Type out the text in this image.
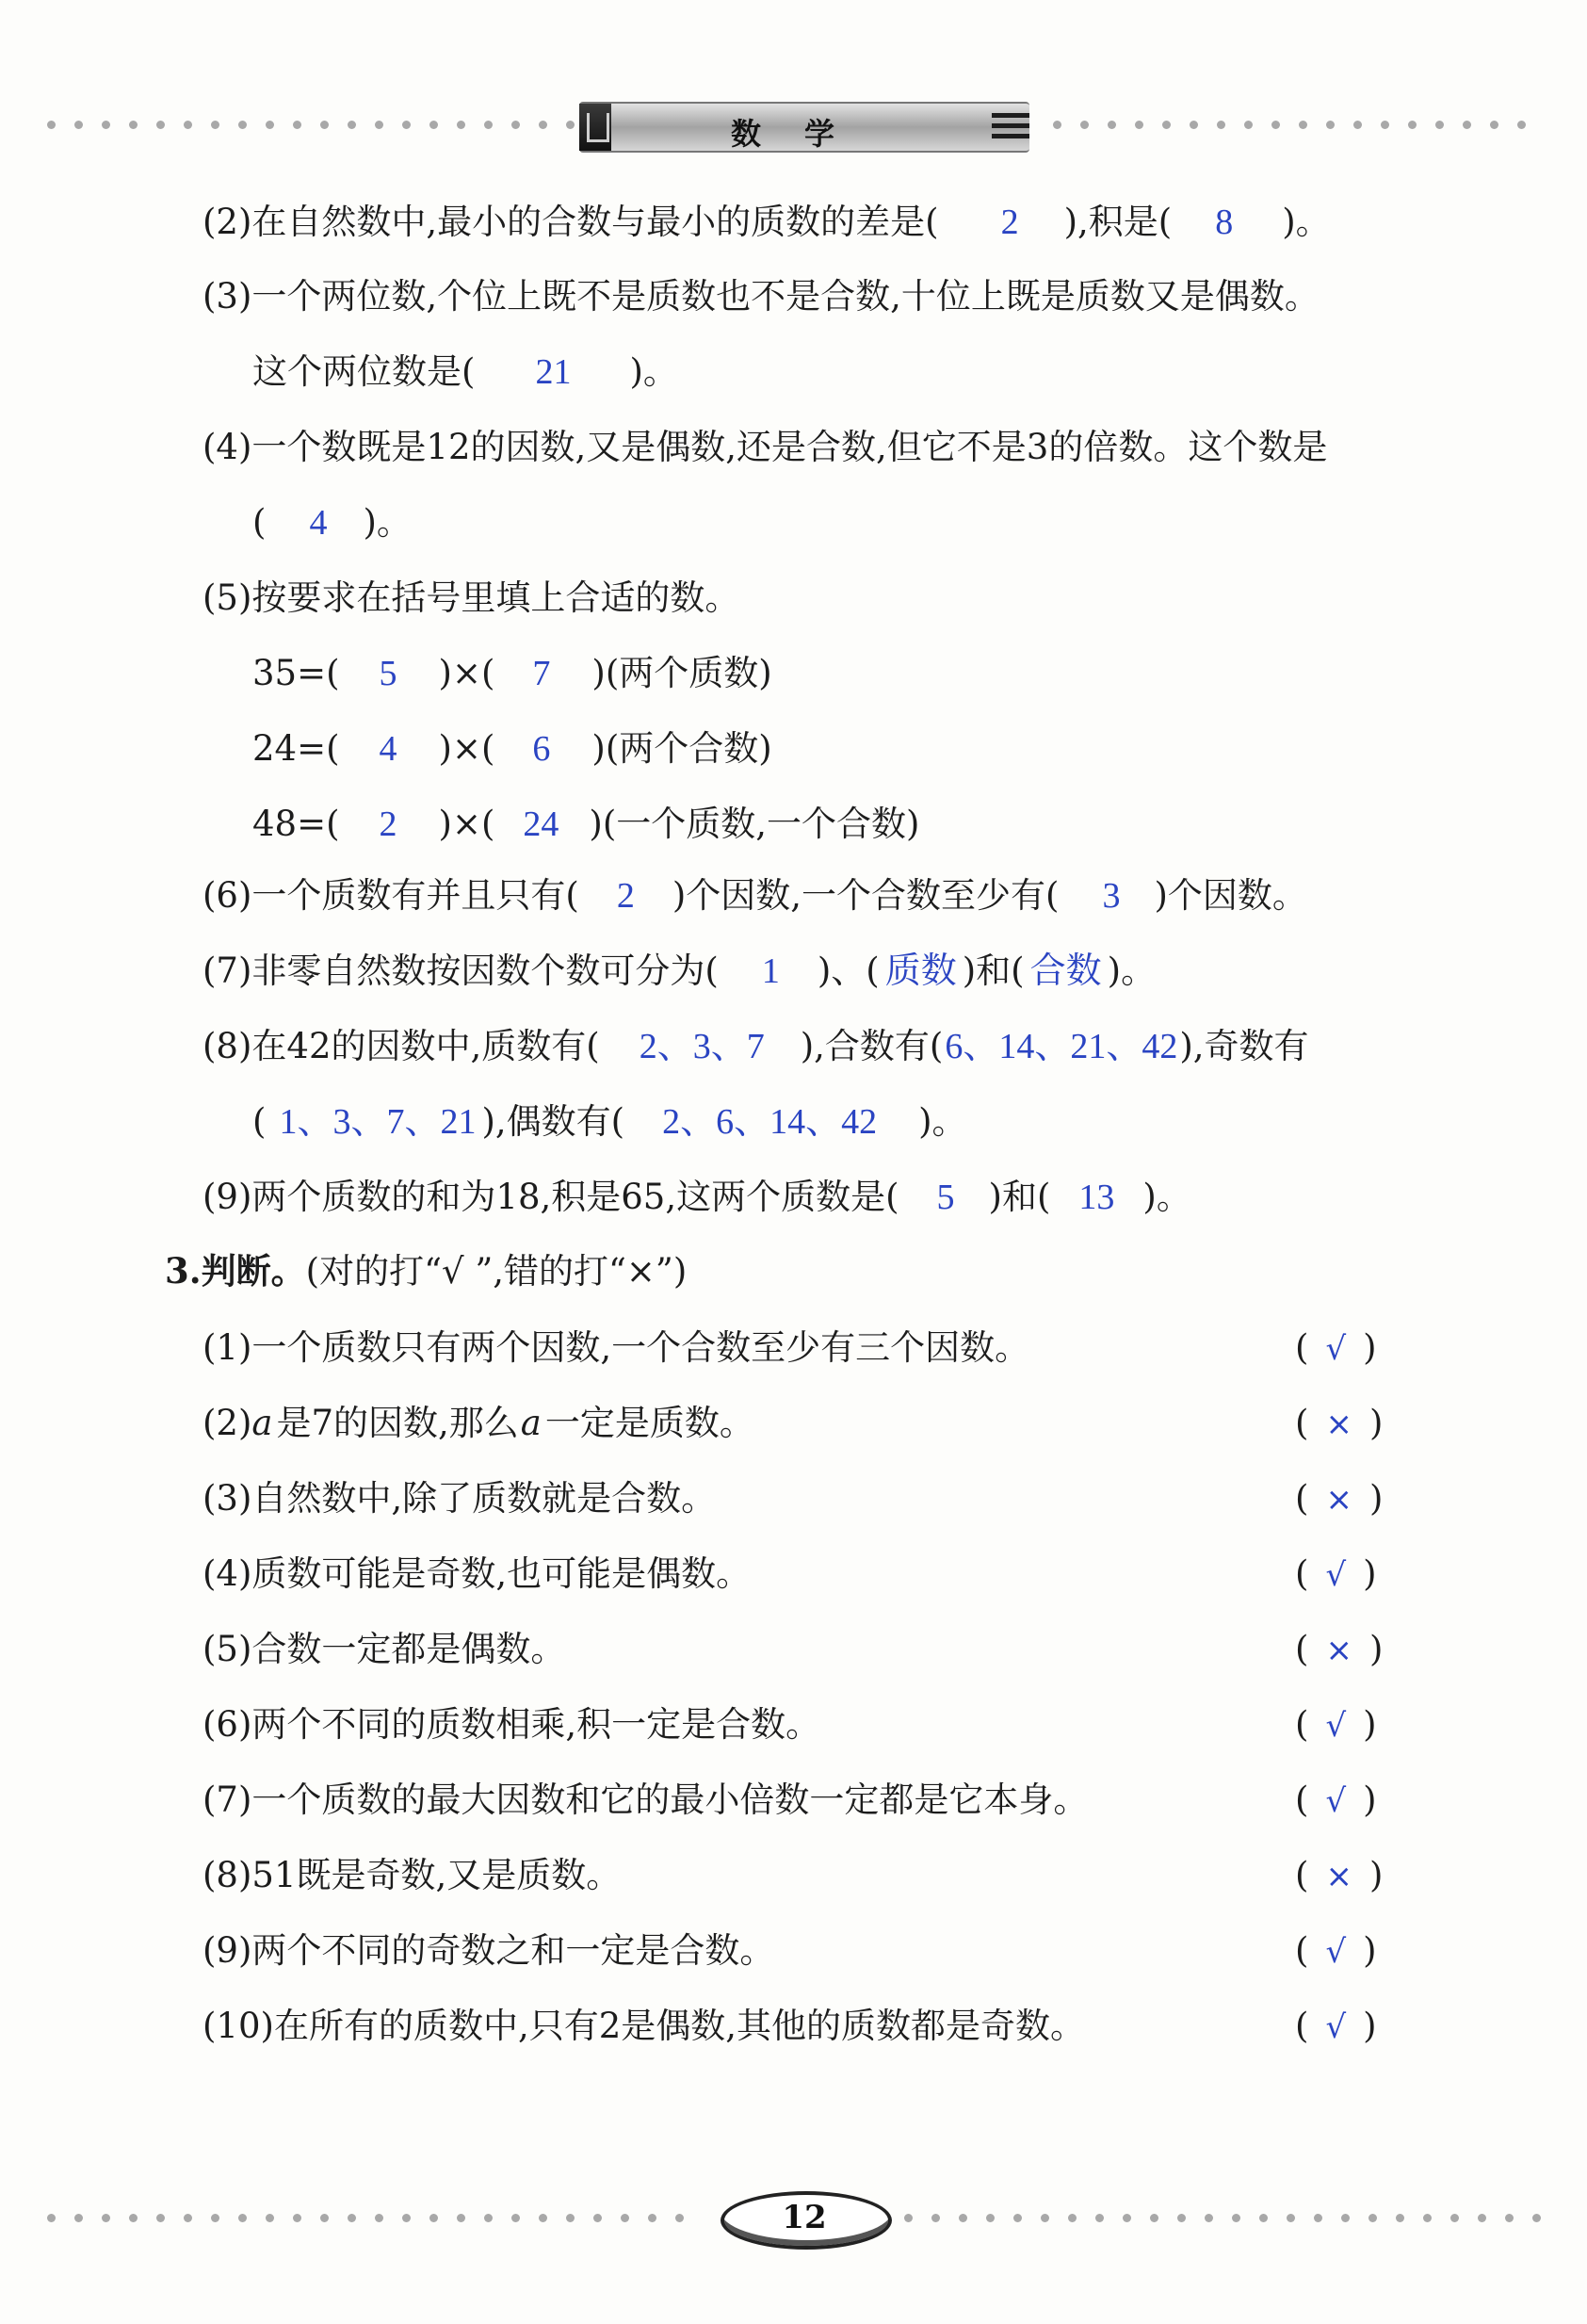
数学
(2)在自然数中,最小的合数与最小的质数的差是( 2 ),积是( 8 )。
(3)一个两位数,个位上既不是质数也不是合数,十位上既是质数又是偶数。
这个两位数是( 21 )。
(4)一个数既是12的因数,又是偶数,还是合数,但它不是3的倍数。这个数是
( 4 )。
(5)按要求在括号里填上合适的数。
35=( 5 )×( 7 )(两个质数)
24=( 4 )×( 6 )(两个合数)
48=( 2 )×( 24 )(一个质数,一个合数)
(6)一个质数有并且只有( 2 )个因数,一个合数至少有( 3 )个因数。
(7)非零自然数按因数个数可分为( 1 )、( 质数 )和( 合数 )。
(8)在42的因数中,质数有( 2、3、7 ),合数有(6、14、21、42),奇数有
( 1、3、7、21 ),偶数有( 2、6、14、42 )。
(9)两个质数的和为18,积是65,这两个质数是( 5 )和( 13 )。
3.判断。(对的打“√ ”,错的打“×”)
(1)一个质数只有两个因数,一个合数至少有三个因数。
(2)a 是7的因数,那么a 一定是质数。
(3)自然数中,除了质数就是合数。
(4)质数可能是奇数,也可能是偶数。
(5)合数一定都是偶数。
(6)两个不同的质数相乘,积一定是合数。
(7)一个质数的最大因数和它的最小倍数一定都是它本身。
(8)51既是奇数,又是质数。
(9)两个不同的奇数之和一定是合数。
(10)在所有的质数中,只有2是偶数,其他的质数都是奇数。
( √ )
( × )
( × )
( √ )
( × )
( √ )
( √ )
( × )
( √ )
( √ )
12
